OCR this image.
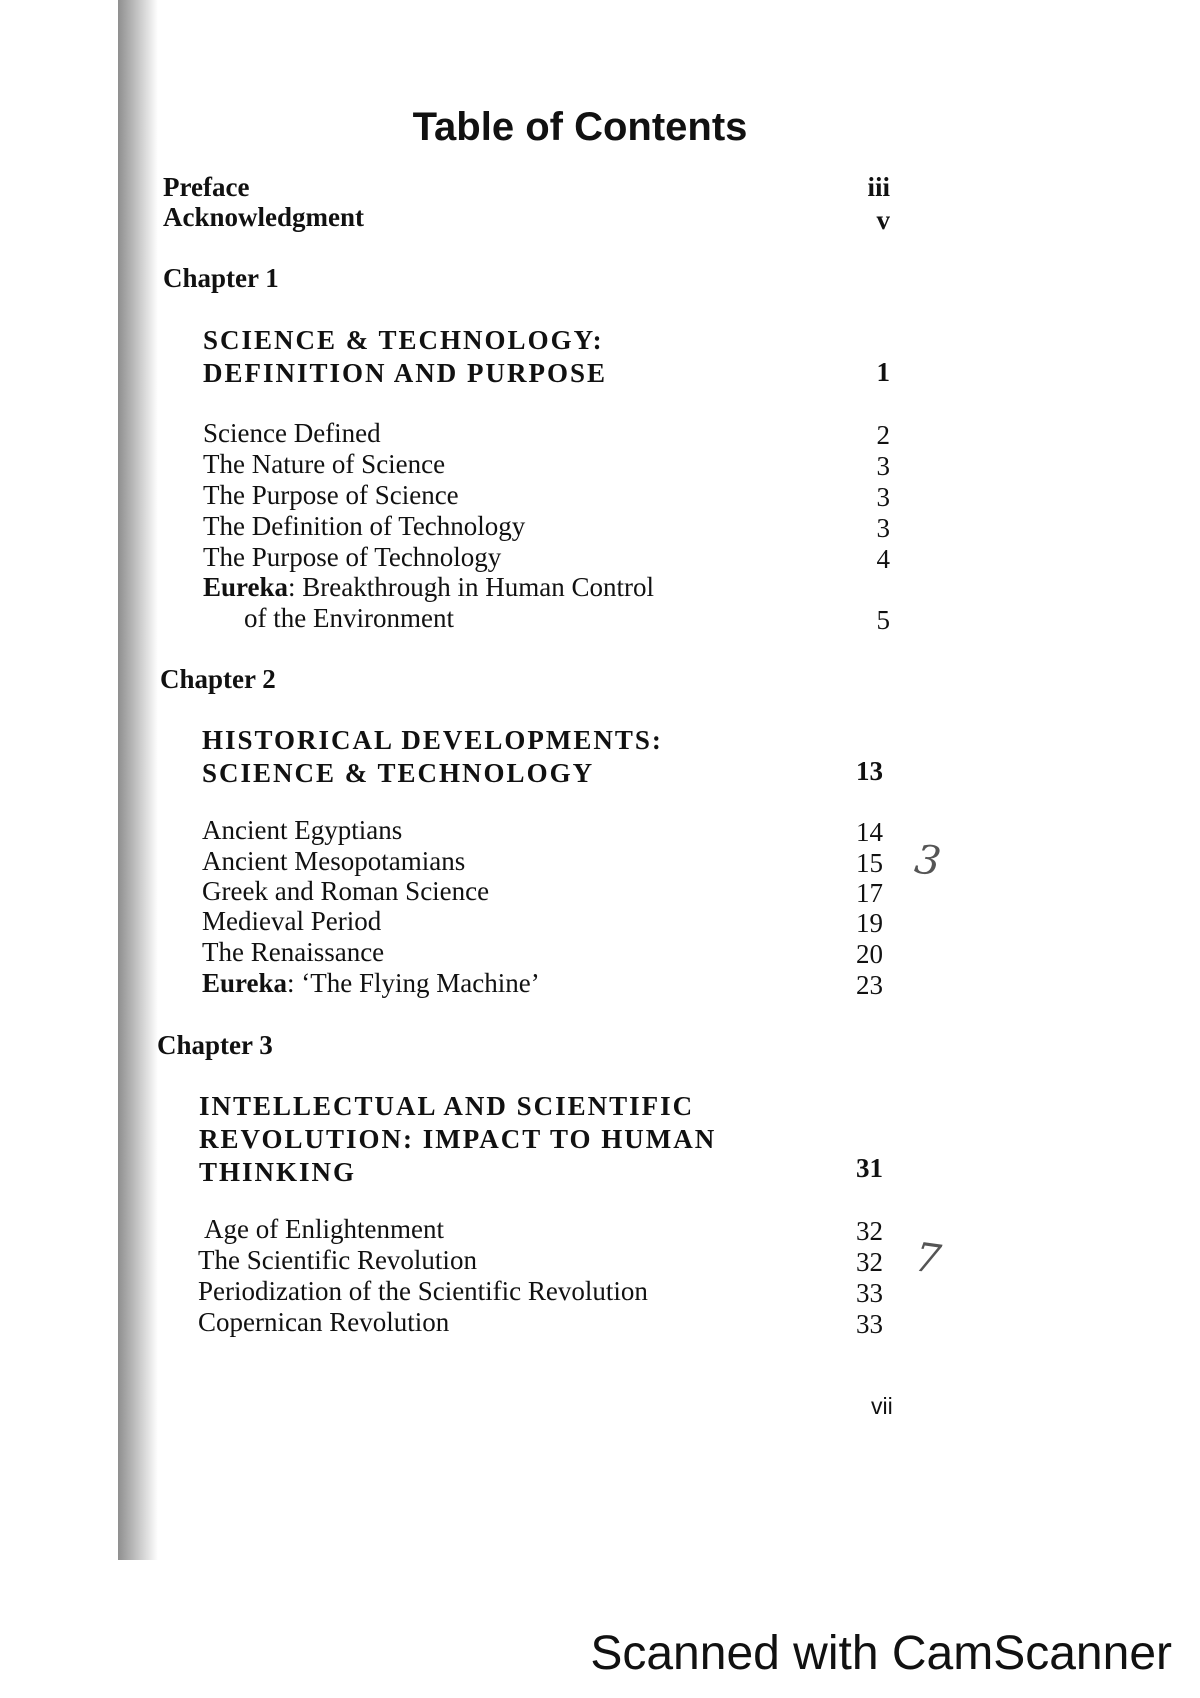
Table of Contents
Preface	iii
Acknowledgment	v
Chapter 1
SCIENCE & TECHNOLOGY:
DEFINITION AND PURPOSE	1
Science Defined	2
The Nature of Science	3
The Purpose of Science	3
The Definition of Technology	3
The Purpose of Technology	4
Eureka: Breakthrough in Human Control
of the Environment	5
Chapter 2
HISTORICAL DEVELOPMENTS:
SCIENCE & TECHNOLOGY	13
Ancient Egyptians	14
Ancient Mesopotamians	15
Greek and Roman Science	17
Medieval Period	19
The Renaissance	20
Eureka: ‘The Flying Machine’	23
Chapter 3
INTELLECTUAL AND SCIENTIFIC
REVOLUTION: IMPACT TO HUMAN
THINKING	31
Age of Enlightenment	32
The Scientific Revolution	32
Periodization of the Scientific Revolution	33
Copernican Revolution	33
3
7
vii
Scanned with CamScanner
